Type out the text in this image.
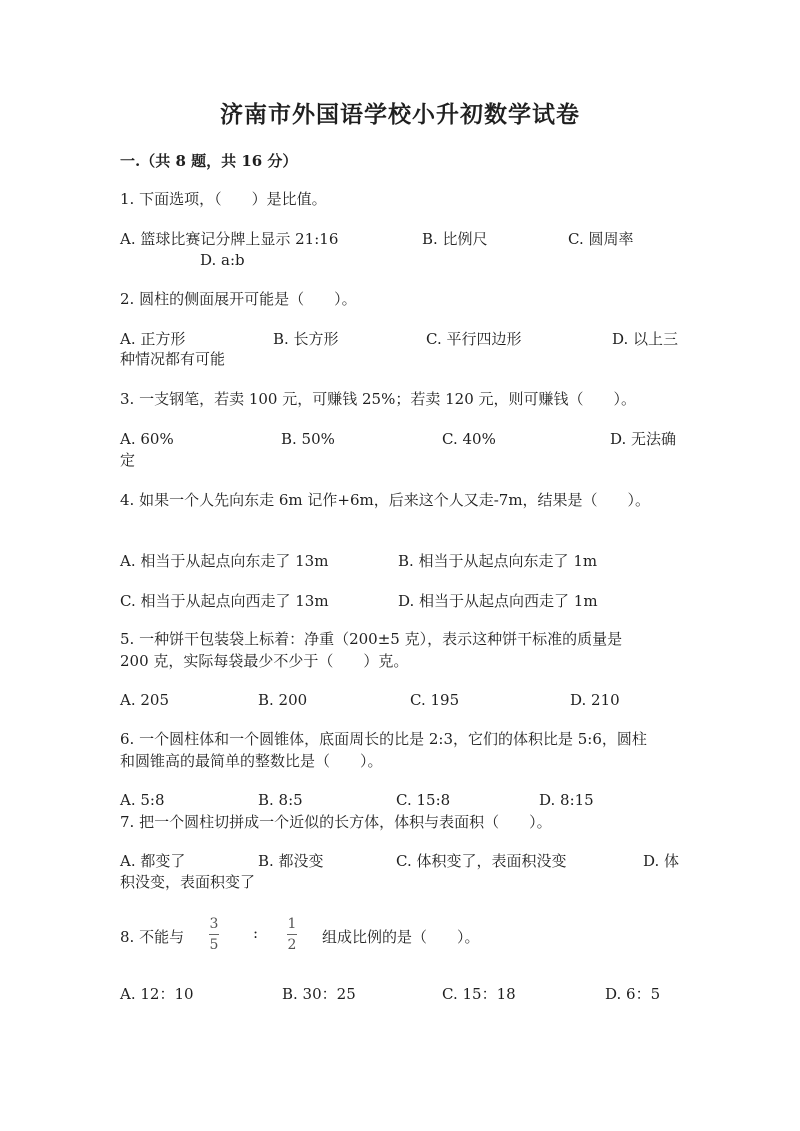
济南市外国语学校小升初数学试卷
一.（共 8 题，共 16 分）
1. 下面选项，（　　）是比值。
A. 篮球比赛记分牌上显示 21:16	B. 比例尺	C. 圆周率
D. a:b
2. 圆柱的侧面展开可能是（　　）。
A. 正方形	B. 长方形	C. 平行四边形	D. 以上三
种情况都有可能
3. 一支钢笔，若卖 100 元，可赚钱 25%；若卖 120 元，则可赚钱（　　）。
A. 60%	B. 50%	C. 40%	D. 无法确
定
4. 如果一个人先向东走 6m 记作+6m，后来这个人又走-7m，结果是（　　）。
A. 相当于从起点向东走了 13m	B. 相当于从起点向东走了 1m
C. 相当于从起点向西走了 13m	D. 相当于从起点向西走了 1m
5. 一种饼干包装袋上标着：净重（200±5 克），表示这种饼干标准的质量是
200 克，实际每袋最少不少于（　　）克。
A. 205	B. 200	C. 195	D. 210
6. 一个圆柱体和一个圆锥体，底面周长的比是 2:3，它们的体积比是 5:6，圆柱
和圆锥高的最简单的整数比是（　　）。
A. 5:8	B. 8:5	C. 15:8	D. 8:15
7. 把一个圆柱切拼成一个近似的长方体，体积与表面积（　　）。
A. 都变了	B. 都没变	C. 体积变了，表面积没变	D. 体
积没变，表面积变了
8. 不能与
3
5
: 1
2 组成比例的是（　　）。
A. 12：10	B. 30：25	C. 15：18	D. 6：5
